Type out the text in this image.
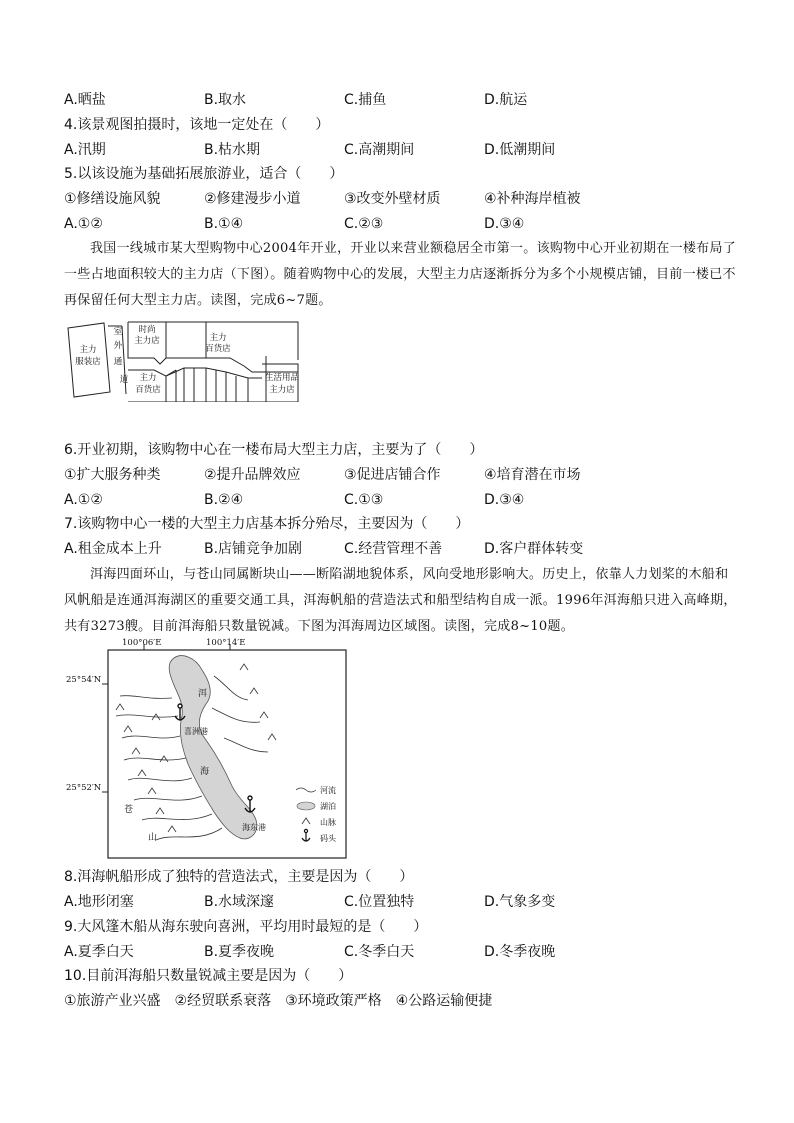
A.晒盐	B.取水	C.捕鱼	D.航运
4.该景观图拍摄时，该地一定处在（　　）
A.汛期	B.枯水期	C.高潮期间	D.低潮期间
5.以该设施为基础拓展旅游业，适合（　　）
①修缮设施风貌	②修建漫步小道	③改变外壁材质	④补种海岸植被
A.①②	B.①④	C.②③	D.③④
我国一线城市某大型购物中心2004年开业，开业以来营业额稳居全市第一。该购物中心开业初期在一楼布局了一些占地面积较大的主力店（下图）。随着购物中心的发展，大型主力店逐渐拆分为多个小规模店铺，目前一楼已不再保留任何大型主力店。读图，完成6~7题。
主力
服装店
室
外
通
道
时尚
主力店	主力
百货店
主力
百货店
生活用品
主力店
6.开业初期，该购物中心在一楼布局大型主力店，主要为了（　　）
①扩大服务种类	②提升品牌效应	③促进店铺合作	④培育潜在市场
A.①②	B.②④	C.①③	D.③④
7.该购物中心一楼的大型主力店基本拆分殆尽，主要因为（　　）
A.租金成本上升	B.店铺竞争加剧	C.经营管理不善	D.客户群体转变
洱海四面环山，与苍山同属断块山——断陷湖地貌体系，风向受地形影响大。历史上，依靠人力划桨的木船和风帆船是连通洱海湖区的重要交通工具，洱海帆船的营造法式和船型结构自成一派。1996年洱海船只进入高峰期，共有3273艘。目前洱海船只数量锐减。下图为洱海周边区域图。读图，完成8~10题。
100°06′E	100°14′E
25°54′N
25°52′N
洱
海
喜洲港
海东港
苍
山
河流
湖泊
山脉
码头
8.洱海帆船形成了独特的营造法式，主要是因为（　　）
A.地形闭塞	B.水域深邃	C.位置独特	D.气象多变
9.大风篷木船从海东驶向喜洲，平均用时最短的是（　　）
A.夏季白天	B.夏季夜晚	C.冬季白天	D.冬季夜晚
10.目前洱海船只数量锐减主要是因为（　　）
①旅游产业兴盛　②经贸联系衰落　③环境政策严格　④公路运输便捷
